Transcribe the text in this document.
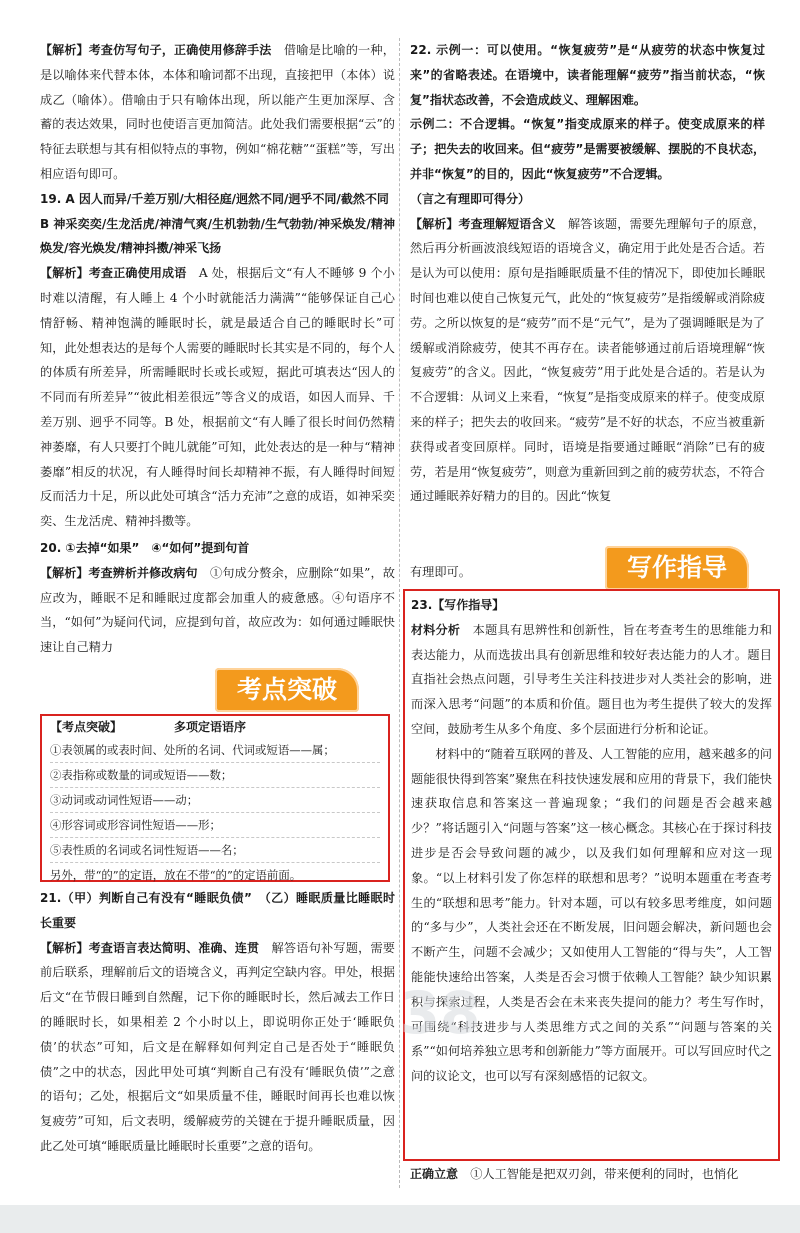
【解析】考查仿写句子，正确使用修辞手法　借喻是比喻的一种，是以喻体来代替本体，本体和喻词都不出现，直接把甲（本体）说成乙（喻体）。借喻由于只有喻体出现，所以能产生更加深厚、含蓄的表达效果，同时也使语言更加简洁。此处我们需要根据“云”的特征去联想与其有相似特点的事物，例如“棉花糖”“蛋糕”等，写出相应语句即可。

19. A 因人而异/千差万别/大相径庭/迥然不同/迥乎不同/截然不同

B 神采奕奕/生龙活虎/神清气爽/生机勃勃/生气勃勃/神采焕发/精神焕发/容光焕发/精神抖擞/神采飞扬

【解析】考查正确使用成语　A 处，根据后文“有人不睡够 9 个小时难以清醒，有人睡上 4 个小时就能活力满满”“能够保证自己心情舒畅、精神饱满的睡眠时长，就是最适合自己的睡眠时长”可知，此处想表达的是每个人需要的睡眠时长其实是不同的，每个人的体质有所差异，所需睡眠时长或长或短，据此可填表达“因人的不同而有所差异”“彼此相差很远”等含义的成语，如因人而异、千差万别、迥乎不同等。B 处，根据前文“有人睡了很长时间仍然精神萎靡，有人只要打个盹儿就能”可知，此处表达的是一种与“精神萎靡”相反的状况，有人睡得时间长却精神不振，有人睡得时间短反而活力十足，所以此处可填含“活力充沛”之意的成语，如神采奕奕、生龙活虎、精神抖擞等。

20. ①去掉“如果”　④“如何”提到句首

【解析】考查辨析并修改病句　①句成分赘余，应删除“如果”，故应改为，睡眠不足和睡眠过度都会加重人的疲惫感。④句语序不当，“如何”为疑问代词，应提到句首，故应改为：如何通过睡眠快速让自己精力

【考点突破】	多项定语语序
①表领属的或表时间、处所的名词、代词或短语——属；
②表指称或数量的词或短语——数；
③动词或动词性短语——动；
④形容词或形容词性短语——形；
⑤表性质的名词或名词性短语——名；
另外，带“的”的定语，放在不带“的”的定语前面。
考点突破

21.（甲）判断自己有没有“睡眠负债”　（乙）睡眠质量比睡眠时长重要

【解析】考查语言表达简明、准确、连贯　解答语句补写题，需要前后联系，理解前后文的语境含义，再判定空缺内容。甲处，根据后文“在节假日睡到自然醒，记下你的睡眠时长，然后减去工作日的睡眠时长，如果相差 2 个小时以上，即说明你正处于‘睡眠负债’的状态”可知，后文是在解释如何判定自己是否处于“睡眠负债”之中的状态，因此甲处可填“判断自己有没有‘睡眠负债’”之意的语句；乙处，根据后文“如果质量不佳，睡眠时间再长也难以恢复疲劳”可知，后文表明，缓解疲劳的关键在于提升睡眠质量，因此乙处可填“睡眠质量比睡眠时长重要”之意的语句。

22. 示例一：可以使用。“恢复疲劳”是“从疲劳的状态中恢复过来”的省略表述。在语境中，读者能理解“疲劳”指当前状态，“恢复”指状态改善，不会造成歧义、理解困难。

示例二：不合逻辑。“恢复”指变成原来的样子。使变成原来的样子；把失去的收回来。但“疲劳”是需要被缓解、摆脱的不良状态，并非“恢复”的目的，因此“恢复疲劳”不合逻辑。

（言之有理即可得分）

【解析】考查理解短语含义　解答该题，需要先理解句子的原意，然后再分析画波浪线短语的语境含义，确定用于此处是否合适。若是认为可以使用：原句是指睡眠质量不佳的情况下，即使加长睡眠时间也难以使自己恢复元气，此处的“恢复疲劳”是指缓解或消除疲劳。之所以恢复的是“疲劳”而不是“元气”，是为了强调睡眠是为了缓解或消除疲劳，使其不再存在。读者能够通过前后语境理解“恢复疲劳”的含义。因此，“恢复疲劳”用于此处是合适的。若是认为不合逻辑：从词义上来看，“恢复”是指变成原来的样子。使变成原来的样子；把失去的收回来。“疲劳”是不好的状态，不应当被重新获得或者变回原样。同时，语境是指要通过睡眠“消除”已有的疲劳，若是用“恢复疲劳”，则意为重新回到之前的疲劳状态，不符合通过睡眠养好精力的目的。因此“恢复

有理即可。	写作指导

23.【写作指导】

材料分析　本题具有思辨性和创新性，旨在考查考生的思维能力和表达能力，从而选拔出具有创新思维和较好表达能力的人才。题目直指社会热点问题，引导考生关注科技进步对人类社会的影响，进而深入思考“问题”的本质和价值。题目也为考生提供了较大的发挥空间，鼓励考生从多个角度、多个层面进行分析和论证。

材料中的“随着互联网的普及、人工智能的应用，越来越多的问题能很快得到答案”聚焦在科技快速发展和应用的背景下，我们能快速获取信息和答案这一普遍现象；“我们的问题是否会越来越少？”将话题引入“问题与答案”这一核心概念。其核心在于探讨科技进步是否会导致问题的减少，以及我们如何理解和应对这一现象。“以上材料引发了你怎样的联想和思考？”说明本题重在考查考生的“联想和思考”能力。针对本题，可以有较多思考维度，如问题的“多与少”，人类社会还在不断发展，旧问题会解决，新问题也会不断产生，问题不会减少；又如使用人工智能的“得与失”，人工智能能快速给出答案，人类是否会习惯于依赖人工智能？缺少知识累积与探索过程，人类是否会在未来丧失提问的能力？考生写作时，可围绕“科技进步与人类思维方式之间的关系”“问题与答案的关系”“如何培养独立思考和创新能力”等方面展开。可以写回应时代之问的议论文，也可以写有深刻感悟的记叙文。

正确立意　①人工智能是把双刃剑，带来便利的同时，也悄化

38
